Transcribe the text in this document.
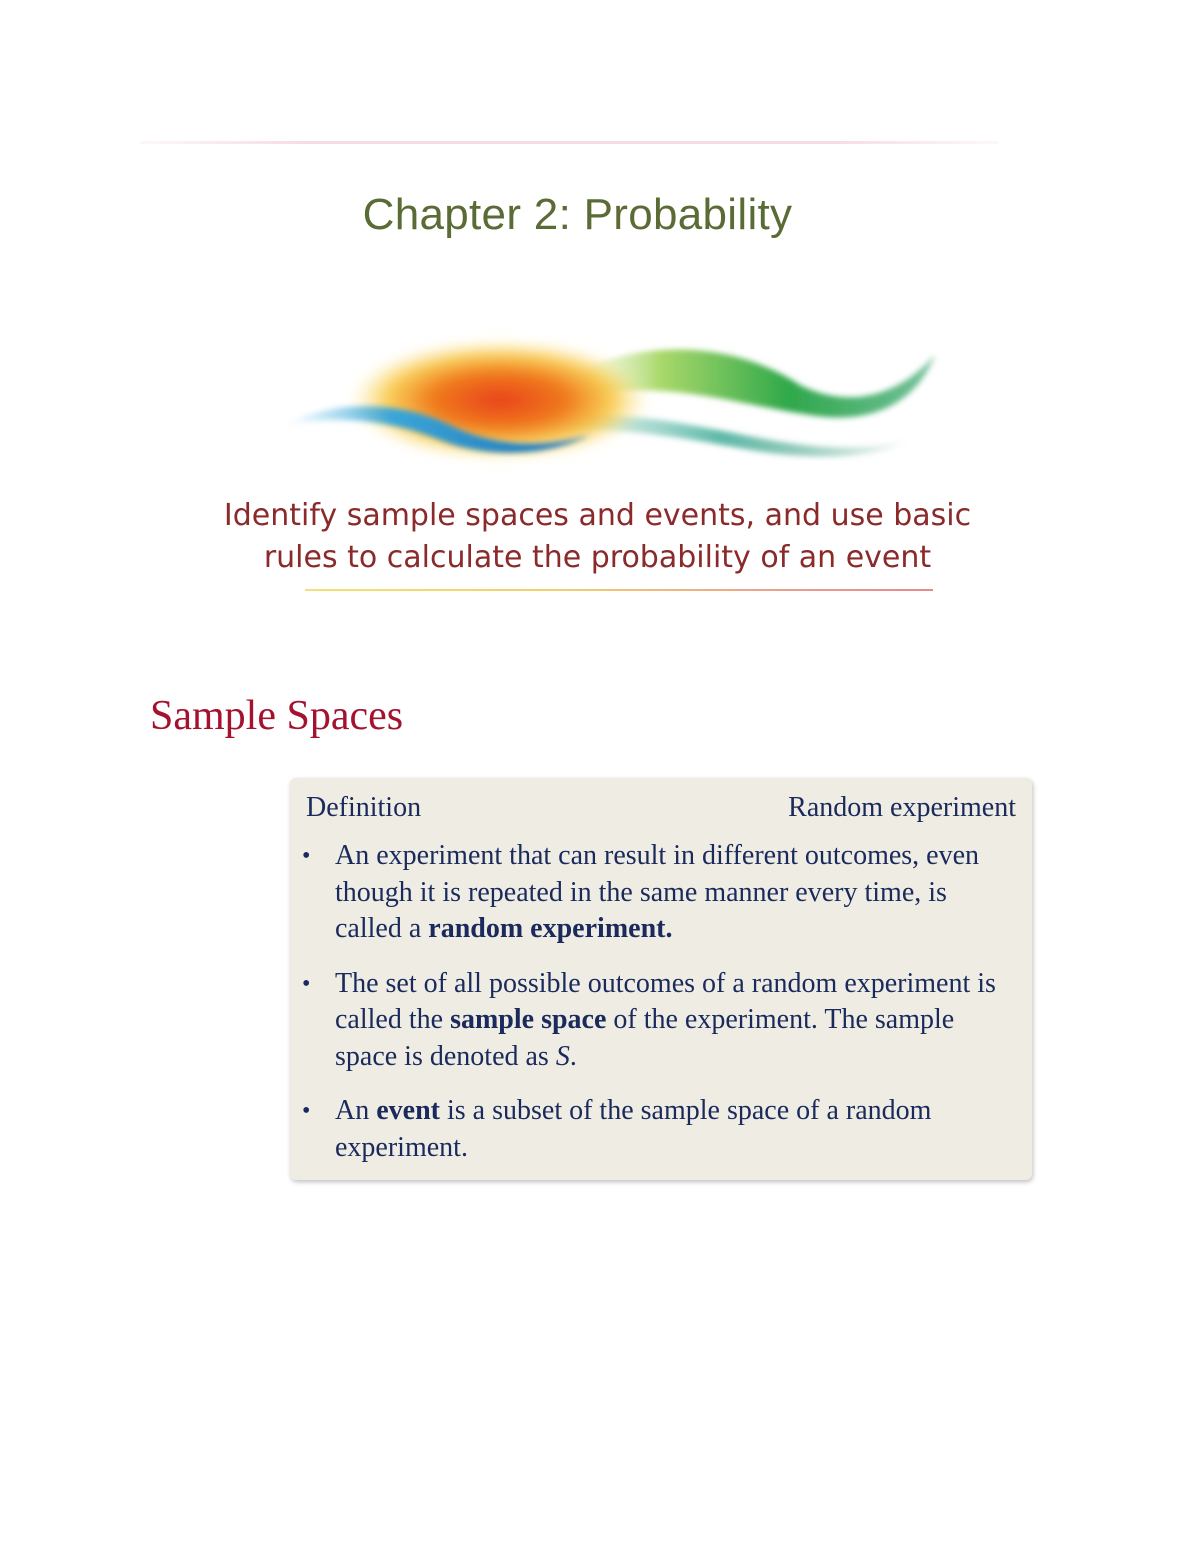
Chapter 2: Probability
Identify sample spaces and events, and use basic
rules to calculate the probability of an event
Sample Spaces
Definition	Random experiment
• An experiment that can result in different outcomes, even though it is repeated in the same manner every time, is called a random experiment.
• The set of all possible outcomes of a random experiment is called the sample space of the experiment. The sample space is denoted as S.
• An event is a subset of the sample space of a random experiment.
